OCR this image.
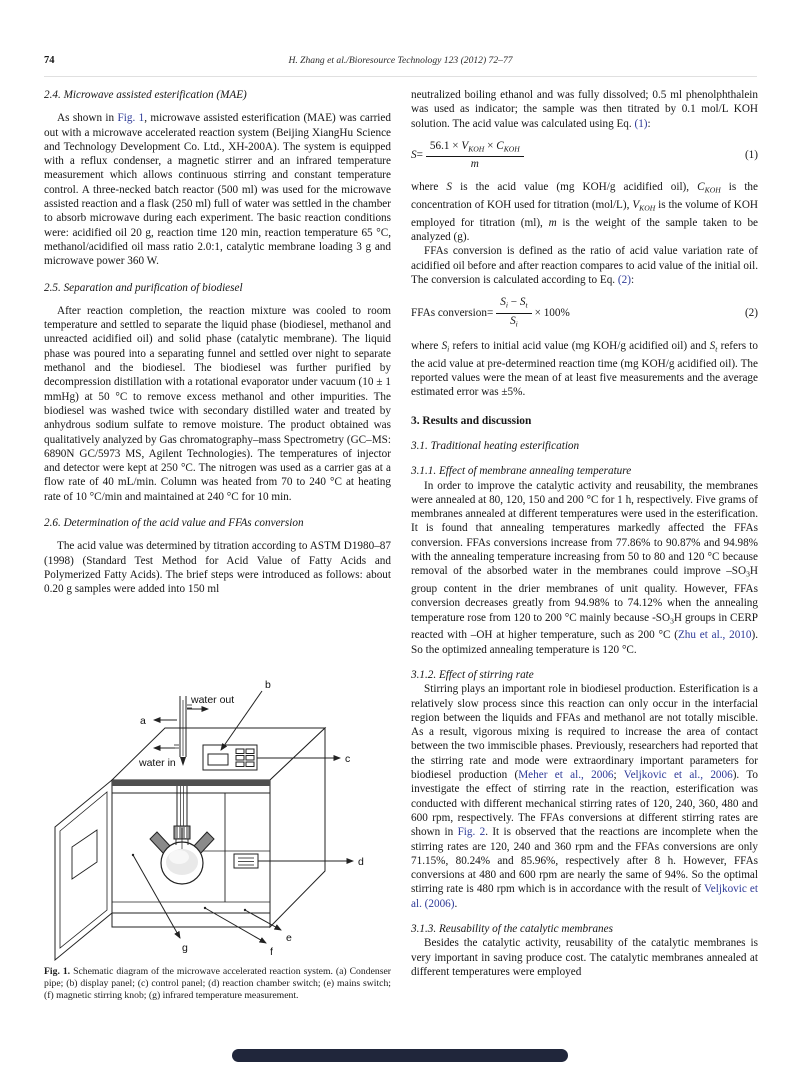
74	H. Zhang et al./Bioresource Technology 123 (2012) 72–77
2.4. Microwave assisted esterification (MAE)

As shown in Fig. 1, microwave assisted esterification (MAE) was carried out with a microwave accelerated reaction system (Beijing XiangHu Science and Technology Development Co. Ltd., XH-200A). The system is equipped with a reflux condenser, a magnetic stirrer and an infrared temperature measurement which allows continuous stirring and constant temperature control. A three-necked batch reactor (500 ml) was used for the microwave assisted reaction and a flask (250 ml) full of water was settled in the chamber to absorb microwave during each experiment. The basic reaction conditions were: acidified oil 20 g, reaction time 120 min, reaction temperature 65 °C, methanol/acidified oil mass ratio 2.0:1, catalytic membrane loading 3 g and microwave power 360 W.

2.5. Separation and purification of biodiesel

After reaction completion, the reaction mixture was cooled to room temperature and settled to separate the liquid phase (biodiesel, methanol and unreacted acidified oil) and solid phase (catalytic membrane). The liquid phase was poured into a separating funnel and settled over night to separate methanol and the biodiesel. The biodiesel was further purified by decompression distillation with a rotational evaporator under vacuum (10 ± 1 mmHg) at 50 °C to remove excess methanol and other impurities. The biodiesel was washed twice with secondary distilled water and treated by anhydrous sodium sulfate to remove moisture. The product obtained was qualitatively analyzed by Gas chromatography–mass Spectrometry (GC–MS: 6890N GC/5973 MS, Agilent Technologies). The temperatures of injector and detector were kept at 250 °C. The nitrogen was used as a carrier gas at a flow rate of 40 mL/min. Column was heated from 70 to 240 °C at heating rate of 10 °C/min and maintained at 240 °C for 10 min.

2.6. Determination of the acid value and FFAs conversion

The acid value was determined by titration according to ASTM D1980–87 (1998) (Standard Test Method for Acid Value of Fatty Acids and Polymerized Fatty Acids). The brief steps were introduced as follows: about 0.20 g samples were added into 150 ml

water out
water in
a
b
c
d
e
f
g
Fig. 1. Schematic diagram of the microwave accelerated reaction system. (a) Condenser pipe; (b) display panel; (c) control panel; (d) reaction chamber switch; (e) mains switch; (f) magnetic stirring knob; (g) infrared temperature measurement.

neutralized boiling ethanol and was fully dissolved; 0.5 ml phenolphthalein was used as indicator; the sample was then titrated by 0.1 mol/L KOH solution. The acid value was calculated using Eq. (1):

$S = \frac{56.1 \times V_{KOH} \times C_{KOH}}{m}$	(1)

where S is the acid value (mg KOH/g acidified oil), $C_{KOH}$ is the concentration of KOH used for titration (mol/L), $V_{KOH}$ is the volume of KOH employed for titration (ml), m is the weight of the sample taken to be analyzed (g).

FFAs conversion is defined as the ratio of acid value variation rate of acidified oil before and after reaction compares to acid value of the initial oil. The conversion is calculated according to Eq. (2):

FFAs conversion = $\frac{S_i - S_t}{S_i} \times 100\%$	(2)

where $S_i$ refers to initial acid value (mg KOH/g acidified oil) and $S_t$ refers to the acid value at pre-determined reaction time (mg KOH/g acidified oil). The reported values were the mean of at least five measurements and the average estimated error was ±5%.

3. Results and discussion
3.1. Traditional heating esterification
3.1.1. Effect of membrane annealing temperature

In order to improve the catalytic activity and reusability, the membranes were annealed at 80, 120, 150 and 200 °C for 1 h, respectively. Five grams of membranes annealed at different temperatures were used in the esterification. It is found that annealing temperatures markedly affected the FFAs conversion. FFAs conversions increase from 77.86% to 90.87% and 94.98% with the annealing temperature increasing from 50 to 80 and 120 °C because removal of the absorbed water in the membranes could improve $-SO_3H$ group content in the drier membranes of unit quality. However, FFAs conversion decreases greatly from 94.98% to 74.12% when the annealing temperature rose from 120 to 200 °C mainly because $-SO_3H$ groups in CERP reacted with –OH at higher temperature, such as 200 °C (Zhu et al., 2010). So the optimized annealing temperature is 120 °C.

3.1.2. Effect of stirring rate

Stirring plays an important role in biodiesel production. Esterification is a relatively slow process since this reaction can only occur in the interfacial region between the liquids and FFAs and methanol are not totally miscible. As a result, vigorous mixing is required to increase the area of contact between the two immiscible phases. Previously, researchers had reported that the stirring rate and mode were extraordinary important parameters for biodiesel production (Meher et al., 2006; Veljkovic et al., 2006). To investigate the effect of stirring rate in the reaction, esterification was conducted with different mechanical stirring rates of 120, 240, 360, 480 and 600 rpm, respectively. The FFAs conversions at different stirring rates are shown in Fig. 2. It is observed that the reactions are incomplete when the stirring rates are 120, 240 and 360 rpm and the FFAs conversions are only 71.15%, 80.24% and 85.96%, respectively after 8 h. However, FFAs conversions at 480 and 600 rpm are nearly the same of 94%. So the optimal stirring rate is 480 rpm which is in accordance with the result of Veljkovic et al. (2006).

3.1.3. Reusability of the catalytic membranes

Besides the catalytic activity, reusability of the catalytic membranes is very important in saving produce cost. The catalytic membranes annealed at different temperatures were employed
